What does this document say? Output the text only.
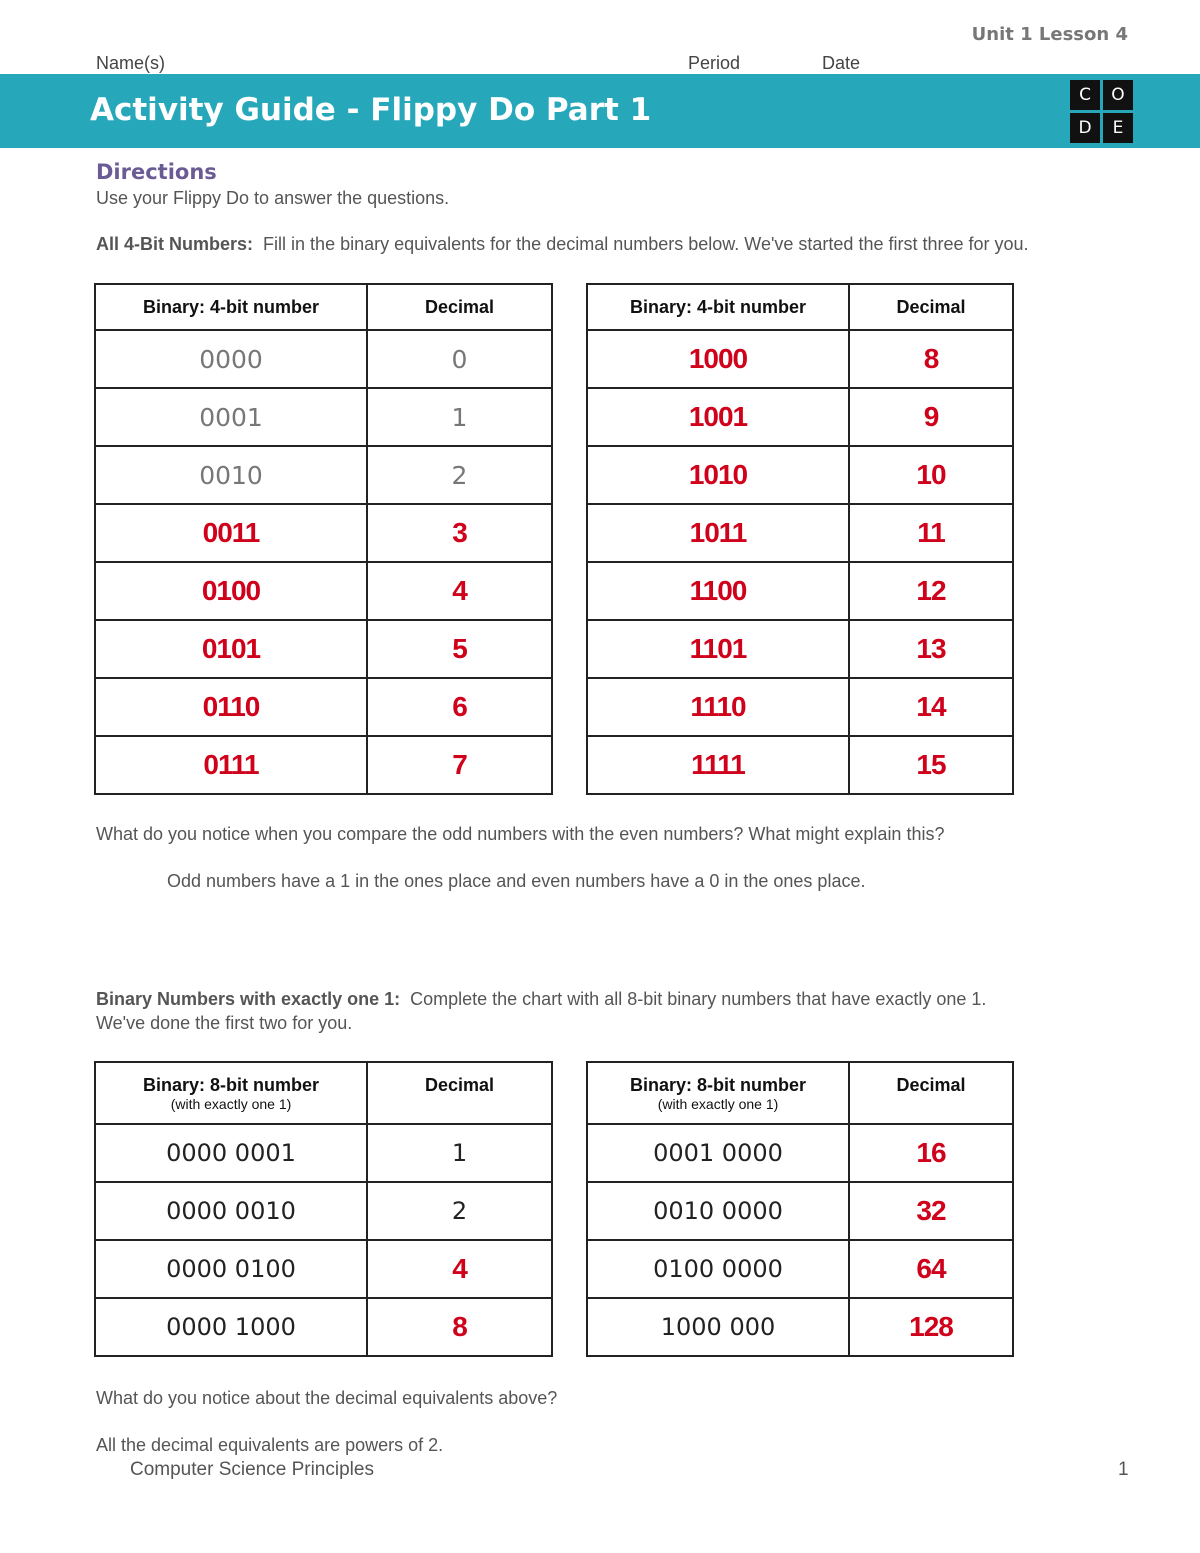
Unit 1 Lesson 4
Name(s)	Period	Date
Activity Guide - Flippy Do Part 1	C	O
D	E
Directions
Use your Flippy Do to answer the questions.
All 4-Bit Numbers: Fill in the binary equivalents for the decimal numbers below. We've started the first three for you.
Binary: 4-bit number	Decimal
0000	0
0001	1
0010	2
0011	3
0100	4
0101	5
0110	6
0111	7
Binary: 4-bit number	Decimal
1000	8
1001	9
1010	10
1011	11
1100	12
1101	13
1110	14
1111	15
What do you notice when you compare the odd numbers with the even numbers? What might explain this?
Odd numbers have a 1 in the ones place and even numbers have a 0 in the ones place.
Binary Numbers with exactly one 1: Complete the chart with all 8-bit binary numbers that have exactly one 1.
We've done the first two for you.
Binary: 8-bit number
(with exactly one 1)	Decimal
0000 0001	1
0000 0010	2
0000 0100	4
0000 1000	8
Binary: 8-bit number
(with exactly one 1)	Decimal
0001 0000	16
0010 0000	32
0100 0000	64
1000 000	128
What do you notice about the decimal equivalents above?
All the decimal equivalents are powers of 2.
Computer Science Principles	1
